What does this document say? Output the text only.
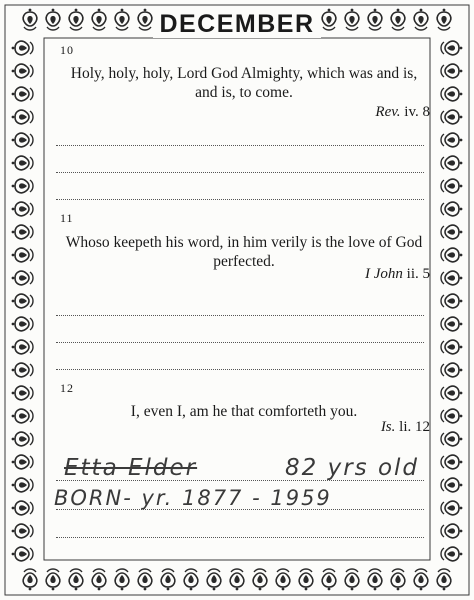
DECEMBER
10
Holy, holy, holy, Lord God Almighty, which was and is, and is, to come.
Rev. iv. 8
11
Whoso keepeth his word, in him verily is the love of God perfected.
I John ii. 5
12
I, even I, am he that comforteth you.
Is. li. 12
Etta Elder	82 yrs old
BORN- yr. 1877 - 1959
